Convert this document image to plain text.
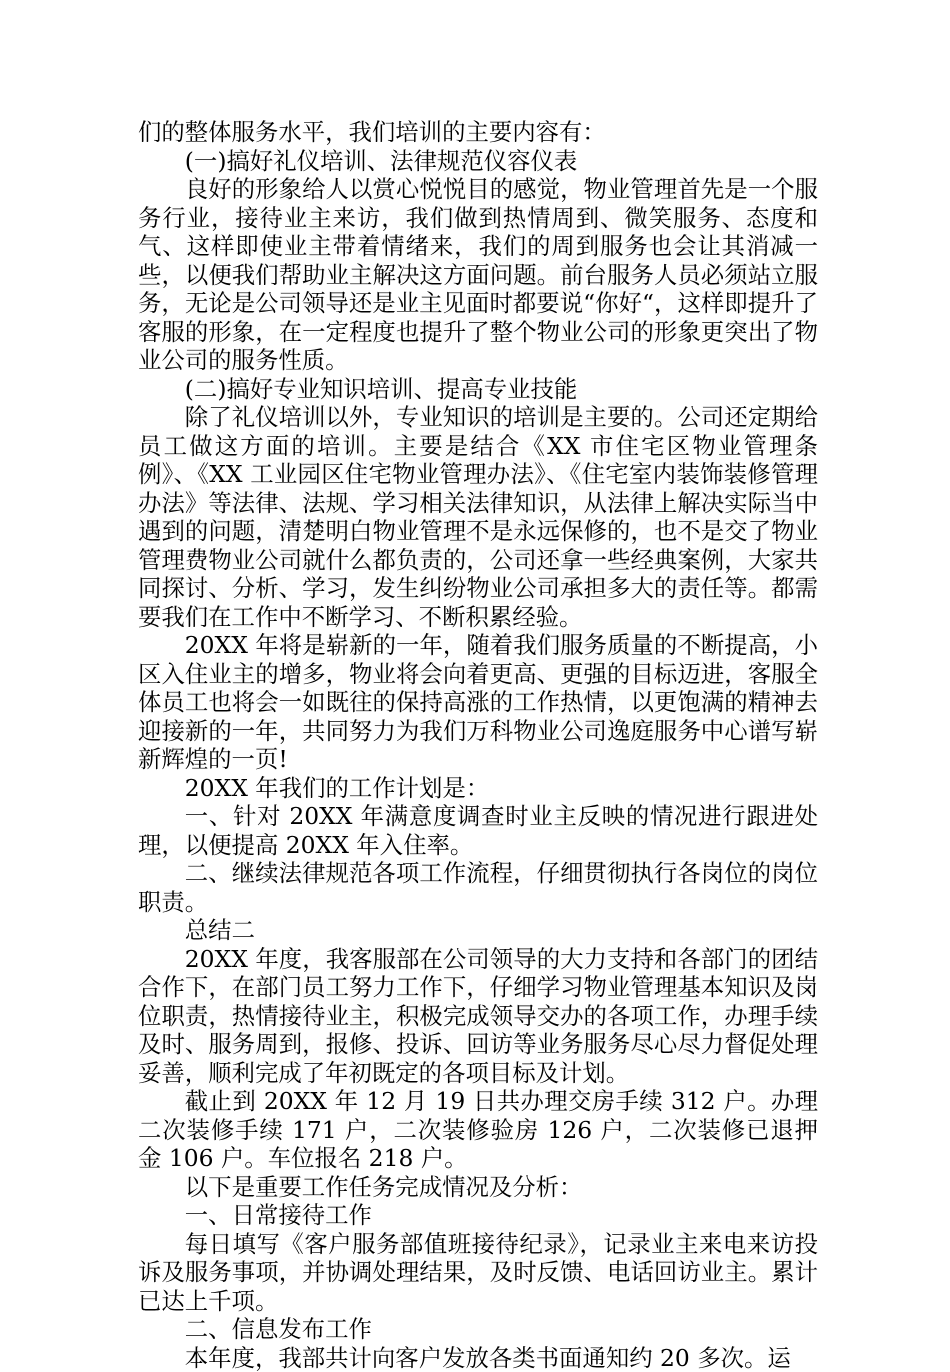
们的整体服务水平，我们培训的主要内容有：

(一)搞好礼仪培训、法律规范仪容仪表

良好的形象给人以赏心悦悦目的感觉，物业管理首先是一个服务行业，接待业主来访，我们做到热情周到、微笑服务、态度和气、这样即使业主带着情绪来，我们的周到服务也会让其消减一些，以便我们帮助业主解决这方面问题。前台服务人员必须站立服务，无论是公司领导还是业主见面时都要说“你好“，这样即提升了客服的形象，在一定程度也提升了整个物业公司的形象更突出了物业公司的服务性质。

(二)搞好专业知识培训、提高专业技能

除了礼仪培训以外，专业知识的培训是主要的。公司还定期给员工做这方面的培训。主要是结合《XX 市住宅区物业管理条例》、《XX 工业园区住宅物业管理办法》、《住宅室内装饰装修管理办法》等法律、法规、学习相关法律知识，从法律上解决实际当中遇到的问题，清楚明白物业管理不是永远保修的，也不是交了物业管理费物业公司就什么都负责的，公司还拿一些经典案例，大家共同探讨、分析、学习，发生纠纷物业公司承担多大的责任等。都需要我们在工作中不断学习、不断积累经验。

20XX 年将是崭新的一年，随着我们服务质量的不断提高，小区入住业主的增多，物业将会向着更高、更强的目标迈进，客服全体员工也将会一如既往的保持高涨的工作热情，以更饱满的精神去迎接新的一年，共同努力为我们万科物业公司逸庭服务中心谱写崭新辉煌的一页!

20XX 年我们的工作计划是：

一、针对 20XX 年满意度调查时业主反映的情况进行跟进处理，以便提高 20XX 年入住率。

二、继续法律规范各项工作流程，仔细贯彻执行各岗位的岗位职责。

总结二

20XX 年度，我客服部在公司领导的大力支持和各部门的团结合作下，在部门员工努力工作下，仔细学习物业管理基本知识及岗位职责，热情接待业主，积极完成领导交办的各项工作，办理手续及时、服务周到，报修、投诉、回访等业务服务尽心尽力督促处理妥善，顺利完成了年初既定的各项目标及计划。

截止到 20XX 年 12 月 19 日共办理交房手续 312 户。办理二次装修手续 171 户，二次装修验房 126 户，二次装修已退押金 106 户。车位报名 218 户。

以下是重要工作任务完成情况及分析：

一、日常接待工作

每日填写《客户服务部值班接待纪录》，记录业主来电来访投诉及服务事项，并协调处理结果，及时反馈、电话回访业主。累计已达上千项。

二、信息发布工作

本年度，我部共计向客户发放各类书面通知约 20 多次。运
